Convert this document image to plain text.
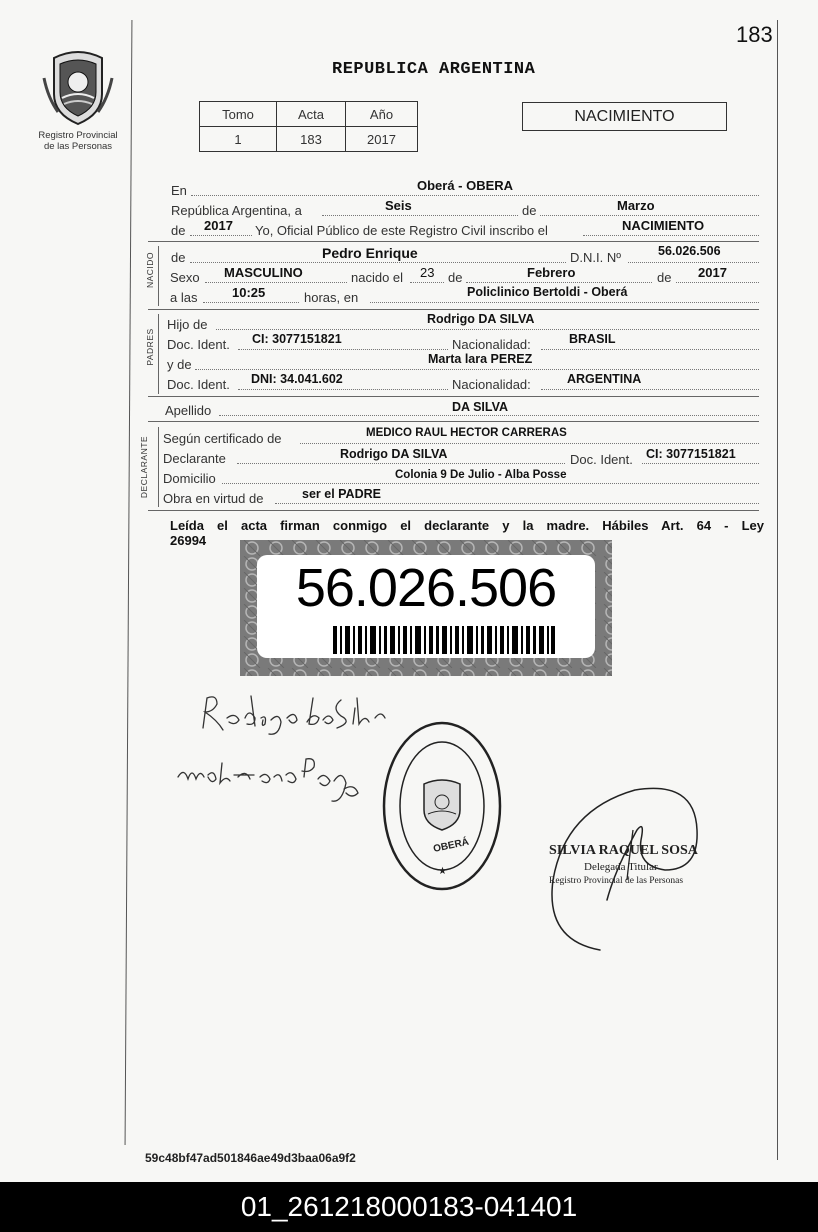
183
Registro Provincial
de las Personas
REPUBLICA ARGENTINA
Tomo	Acta	Año
1	183	2017
NACIMIENTO
En	Oberá - OBERA
República Argentina, a	Seis	de	Marzo
de 2017 Yo, Oficial Público de este Registro Civil inscribo el	NACIMIENTO
NACIDO de	Pedro Enrique	D.N.I. Nº	56.026.506
Sexo MASCULINO	nacido el 23 de	Febrero	de 2017
a las	10:25	horas, en	Policlinico Bertoldi - Oberá
PADRES
Hijo de	Rodrigo DA SILVA
Doc. Ident. CI: 3077151821	Nacionalidad:	BRASIL
y de	Marta lara PEREZ
Doc. Ident. DNI: 34.041.602	Nacionalidad:	ARGENTINA
Apellido	DA SILVA
DECLARANTE Según certificado de	MEDICO RAUL HECTOR CARRERAS
Declarante	Rodrigo DA SILVA	Doc. Ident. CI: 3077151821
Domicilio	Colonia 9 De Julio - Alba Posse
Obra en virtud de	ser el PADRE
Leída el acta firman conmigo el declarante y la madre. Hábiles Art. 64 - Ley
26994
56.026.506
OBERÁ
★
SILVIA RAQUEL SOSA
Delegada Titular
Registro Provincial de las Personas
59c48bf47ad501846ae49d3baa06a9f2
01_261218000183-041401
